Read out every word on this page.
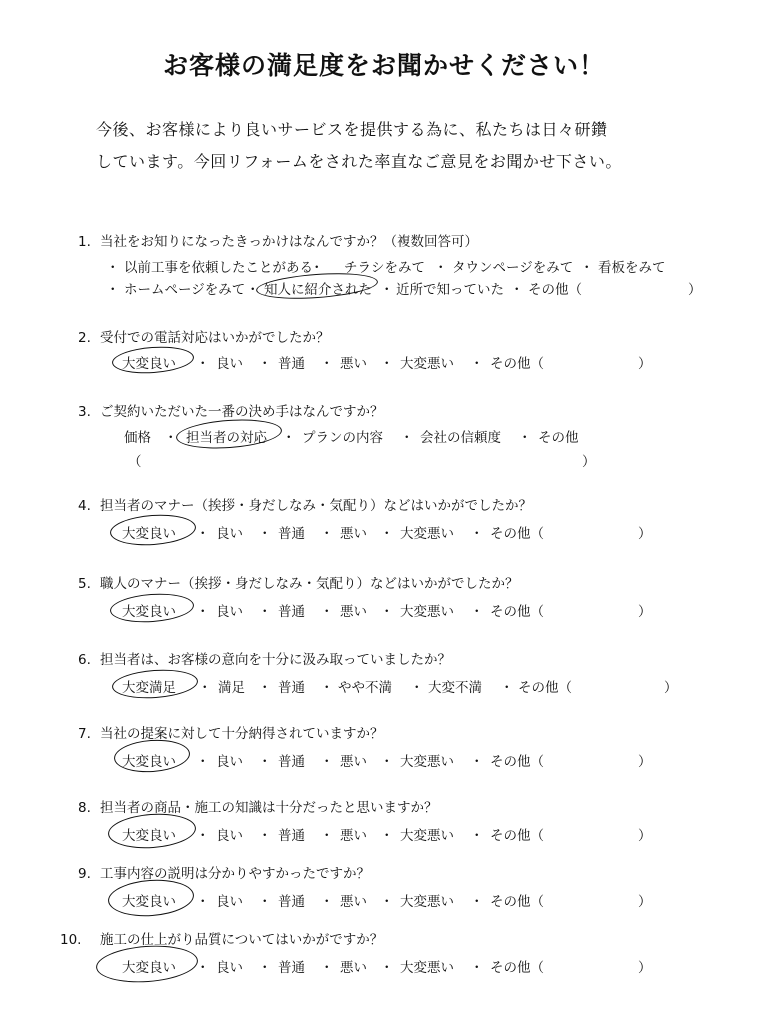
お客様の満足度をお聞かせください！
今後、お客様により良いサービスを提供する為に、私たちは日々研鑽
しています。今回リフォームをされた率直なご意見をお聞かせ下さい。
1. 当社をお知りになったきっかけはなんですか？（複数回答可）
・ 以前工事を依頼したことがある
・ チラシをみて ・ タウンページをみて ・ 看板をみて
・ ホームページをみて ・ 知人に紹介された ・ 近所で知っていた ・ その他（	）
2. 受付での電話対応はいかがでしたか？
大変良い ・ 良い ・ 普通 ・ 悪い ・ 大変悪い ・ その他（	）
3. ご契約いただいた一番の決め手はなんですか？
価格 ・ 担当者の対応 ・ プランの内容 ・ 会社の信頼度 ・ その他
（	）
4. 担当者のマナー（挨拶・身だしなみ・気配り）などはいかがでしたか？
大変良い ・ 良い ・ 普通 ・ 悪い ・ 大変悪い ・ その他（	）
5. 職人のマナー（挨拶・身だしなみ・気配り）などはいかがでしたか？
大変良い ・ 良い ・ 普通 ・ 悪い ・ 大変悪い ・ その他（	）
6. 担当者は、お客様の意向を十分に汲み取っていましたか？
大変満足 ・ 満足 ・ 普通 ・ やや不満 ・ 大変不満 ・ その他（	）
7. 当社の提案に対して十分納得されていますか？
大変良い ・ 良い ・ 普通 ・ 悪い ・ 大変悪い ・ その他（	）
8. 担当者の商品・施工の知識は十分だったと思いますか？
大変良い ・ 良い ・ 普通 ・ 悪い ・ 大変悪い ・ その他（	）
9. 工事内容の説明は分かりやすかったですか？
大変良い ・ 良い ・ 普通 ・ 悪い ・ 大変悪い ・ その他（	）
10. 施工の仕上がり品質についてはいかがですか？
大変良い ・ 良い ・ 普通 ・ 悪い ・ 大変悪い ・ その他（	）
